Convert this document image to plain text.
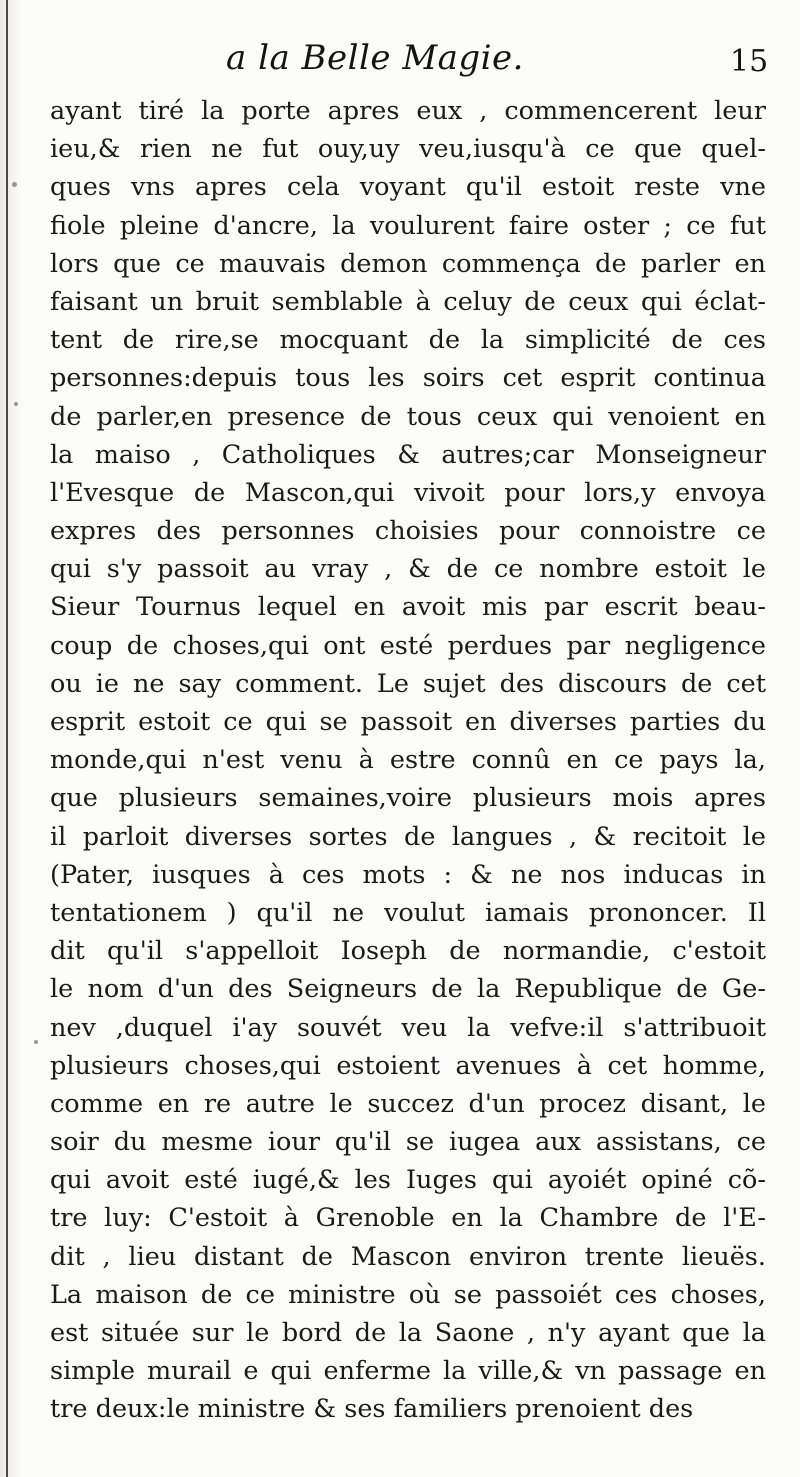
a la Belle Magie.	15
ayant tiré la porte apres eux , commencerent leur
ieu,& rien ne fut ouy,uy veu,iusqu'à ce que quel-
ques vns apres cela voyant qu'il estoit reste vne
fiole pleine d'ancre, la voulurent faire oster ; ce fut
lors que ce mauvais demon commença de parler en
faisant un bruit semblable à celuy de ceux qui éclat-
tent de rire,se mocquant de la simplicité de ces
personnes:depuis tous les soirs cet esprit continua
de parler,en presence de tous ceux qui venoient en
la maiso , Catholiques & autres;car Monseigneur
l'Evesque de Mascon,qui vivoit pour lors,y envoya
expres des personnes choisies pour connoistre ce
qui s'y passoit au vray , & de ce nombre estoit le
Sieur Tournus lequel en avoit mis par escrit beau-
coup de choses,qui ont esté perdues par negligence
ou ie ne say comment. Le sujet des discours de cet
esprit estoit ce qui se passoit en diverses parties du
monde,qui n'est venu à estre connû en ce pays la,
que plusieurs semaines,voire plusieurs mois apres
il parloit diverses sortes de langues , & recitoit le
(Pater, iusques à ces mots : & ne nos inducas in
tentationem ) qu'il ne voulut iamais prononcer. Il
dit qu'il s'appelloit Ioseph de normandie, c'estoit
le nom d'un des Seigneurs de la Republique de Ge-
nev ,duquel i'ay souvét veu la vefve:il s'attribuoit
plusieurs choses,qui estoient avenues à cet homme,
comme en re autre le succez d'un procez disant, le
soir du mesme iour qu'il se iugea aux assistans, ce
qui avoit esté iugé,& les Iuges qui ayoiét opiné cõ-
tre luy: C'estoit à Grenoble en la Chambre de l'E-
dit , lieu distant de Mascon environ trente lieuës.
La maison de ce ministre où se passoiét ces choses,
est située sur le bord de la Saone , n'y ayant que la
simple murail e qui enferme la ville,& vn passage en
tre deux:le ministre & ses familiers prenoient des
